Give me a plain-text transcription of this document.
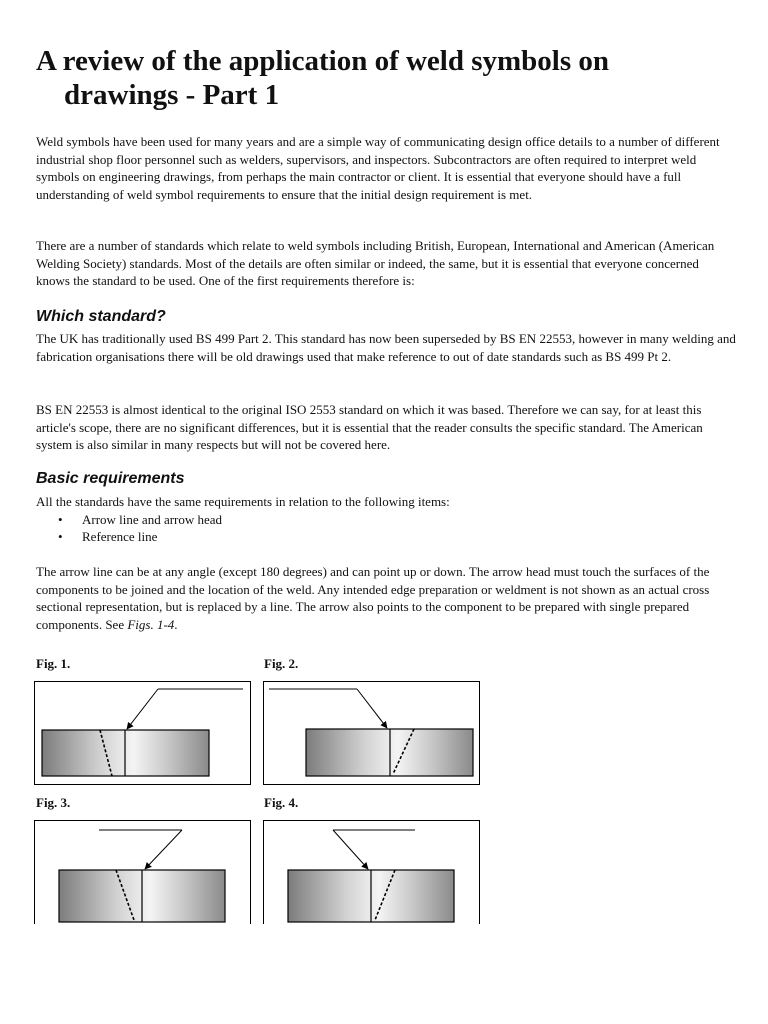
A review of the application of weld symbols on
drawings - Part 1

Weld symbols have been used for many years and are a simple way of communicating design office details to a number of different industrial shop floor personnel such as welders, supervisors, and inspectors. Subcontractors are often required to interpret weld symbols on engineering drawings, from perhaps the main contractor or client. It is essential that everyone should have a full understanding of weld symbol requirements to ensure that the initial design requirement is met.

There are a number of standards which relate to weld symbols including British, European, International and American (American Welding Society) standards. Most of the details are often similar or indeed, the same, but it is essential that everyone concerned knows the standard to be used. One of the first requirements therefore is:

Which standard?

The UK has traditionally used BS 499 Part 2. This standard has now been superseded by BS EN 22553, however in many welding and fabrication organisations there will be old drawings used that make reference to out of date standards such as BS 499 Pt 2.

BS EN 22553 is almost identical to the original ISO 2553 standard on which it was based. Therefore we can say, for at least this article's scope, there are no significant differences, but it is essential that the reader consults the specific standard. The American system is also similar in many respects but will not be covered here.

Basic requirements

All the standards have the same requirements in relation to the following items:

• Arrow line and arrow head
• Reference line

The arrow line can be at any angle (except 180 degrees) and can point up or down. The arrow head must touch the surfaces of the components to be joined and the location of the weld. Any intended edge preparation or weldment is not shown as an actual cross sectional representation, but is replaced by a line. The arrow also points to the component to be prepared with single prepared components. See Figs. 1-4.

Fig. 1.	Fig. 2.
Fig. 3.	Fig. 4.
